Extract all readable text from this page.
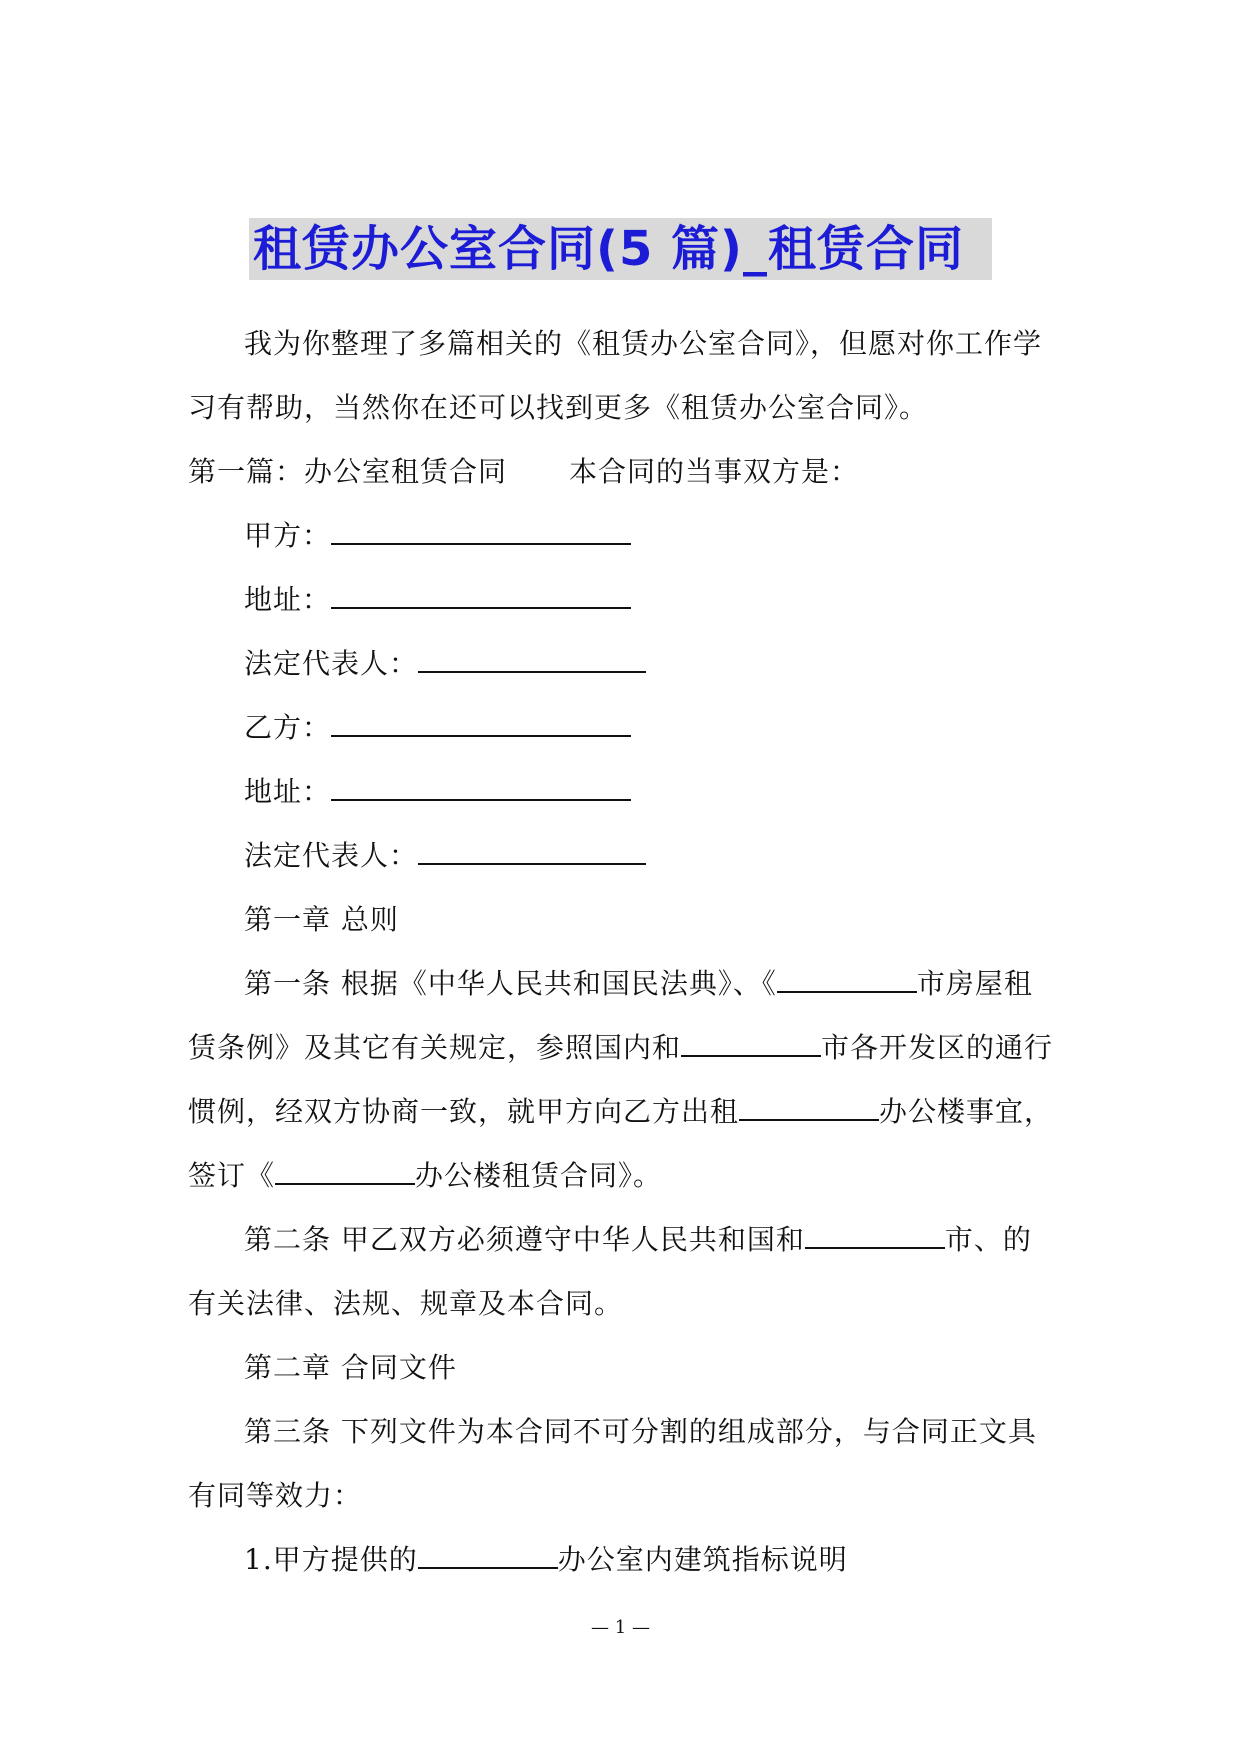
租赁办公室合同(5 篇)_租赁合同
我为你整理了多篇相关的《租赁办公室合同》，但愿对你工作学
习有帮助，当然你在还可以找到更多《租赁办公室合同》。
第一篇：办公室租赁合同 本合同的当事双方是：
甲方：
地址：
法定代表人：
乙方：
地址：
法定代表人：
第一章 总则
第一条 根据《中华人民共和国民法典》、《	市房屋租
赁条例》及其它有关规定，参照国内和	市各开发区的通行
惯例，经双方协商一致，就甲方向乙方出租	办公楼事宜，
签订《	办公楼租赁合同》。
第二条 甲乙双方必须遵守中华人民共和国和	市、的
有关法律、法规、规章及本合同。
第二章 合同文件
第三条 下列文件为本合同不可分割的组成部分，与合同正文具
有同等效力：
1.甲方提供的	办公室内建筑指标说明
— 1 —
